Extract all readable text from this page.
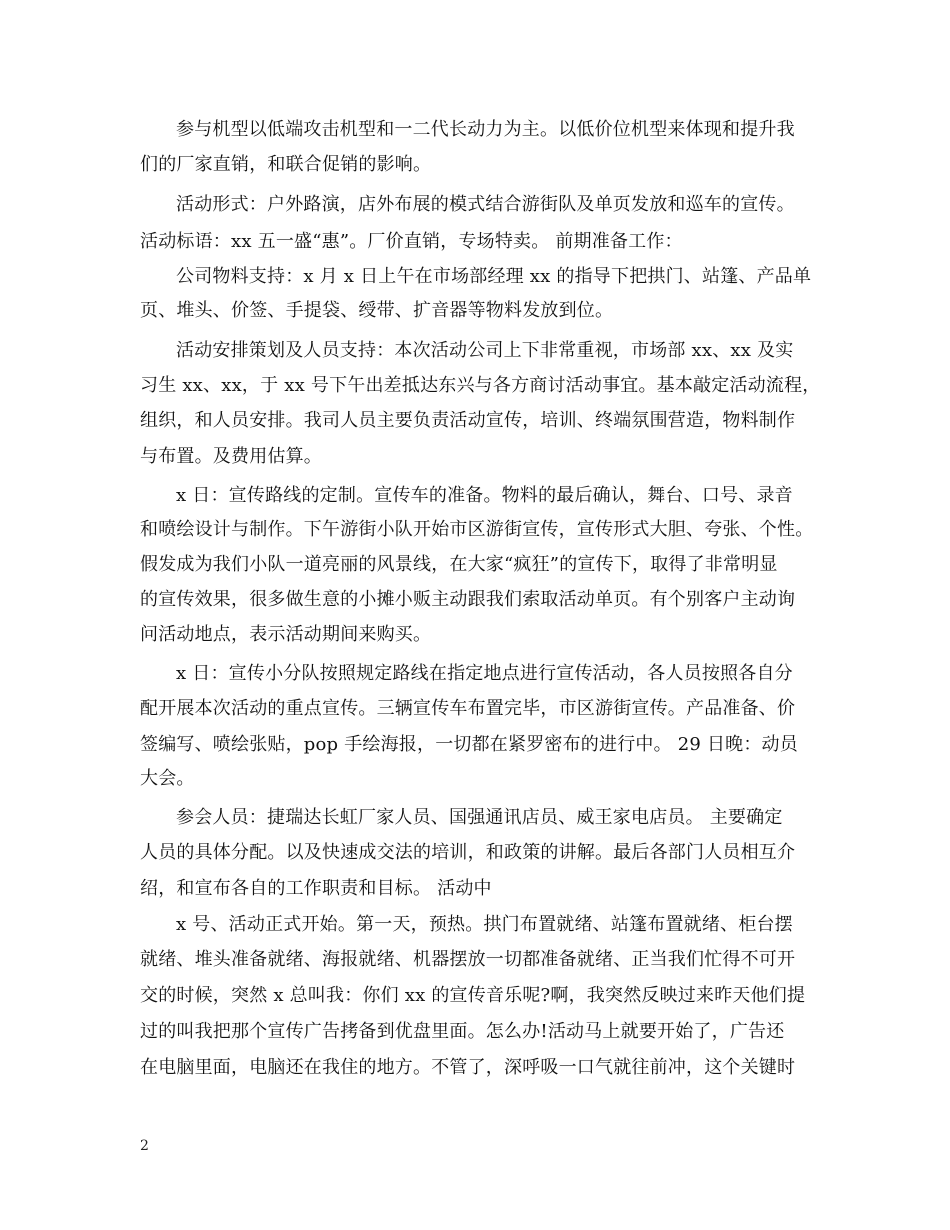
参与机型以低端攻击机型和一二代长动力为主。以低价位机型来体现和提升我
们的厂家直销，和联合促销的影响。
活动形式：户外路演，店外布展的模式结合游街队及单页发放和巡车的宣传。
活动标语：xx 五一盛“惠”。厂价直销，专场特卖。 前期准备工作：
公司物料支持：x 月 x 日上午在市场部经理 xx 的指导下把拱门、站篷、产品单
页、堆头、价签、手提袋、绶带、扩音器等物料发放到位。
活动安排策划及人员支持：本次活动公司上下非常重视，市场部 xx、xx 及实
习生 xx、xx，于 xx 号下午出差抵达东兴与各方商讨活动事宜。基本敲定活动流程，
组织，和人员安排。我司人员主要负责活动宣传，培训、终端氛围营造，物料制作
与布置。及费用估算。
x 日：宣传路线的定制。宣传车的准备。物料的最后确认，舞台、口号、录音
和喷绘设计与制作。下午游街小队开始市区游街宣传，宣传形式大胆、夸张、个性。
假发成为我们小队一道亮丽的风景线，在大家“疯狂”的宣传下，取得了非常明显
的宣传效果，很多做生意的小摊小贩主动跟我们索取活动单页。有个别客户主动询
问活动地点，表示活动期间来购买。
x 日：宣传小分队按照规定路线在指定地点进行宣传活动，各人员按照各自分
配开展本次活动的重点宣传。三辆宣传车布置完毕，市区游街宣传。产品准备、价
签编写、喷绘张贴，pop 手绘海报，一切都在紧罗密布的进行中。 29 日晚：动员
大会。
参会人员：捷瑞达长虹厂家人员、国强通讯店员、威王家电店员。 主要确定
人员的具体分配。以及快速成交法的培训，和政策的讲解。最后各部门人员相互介
绍，和宣布各自的工作职责和目标。 活动中
x 号、活动正式开始。第一天，预热。拱门布置就绪、站篷布置就绪、柜台摆
就绪、堆头准备就绪、海报就绪、机器摆放一切都准备就绪、正当我们忙得不可开
交的时候，突然 x 总叫我：你们 xx 的宣传音乐呢?啊，我突然反映过来昨天他们提
过的叫我把那个宣传广告拷备到优盘里面。怎么办!活动马上就要开始了，广告还
在电脑里面，电脑还在我住的地方。不管了，深呼吸一口气就往前冲，这个关键时
2
